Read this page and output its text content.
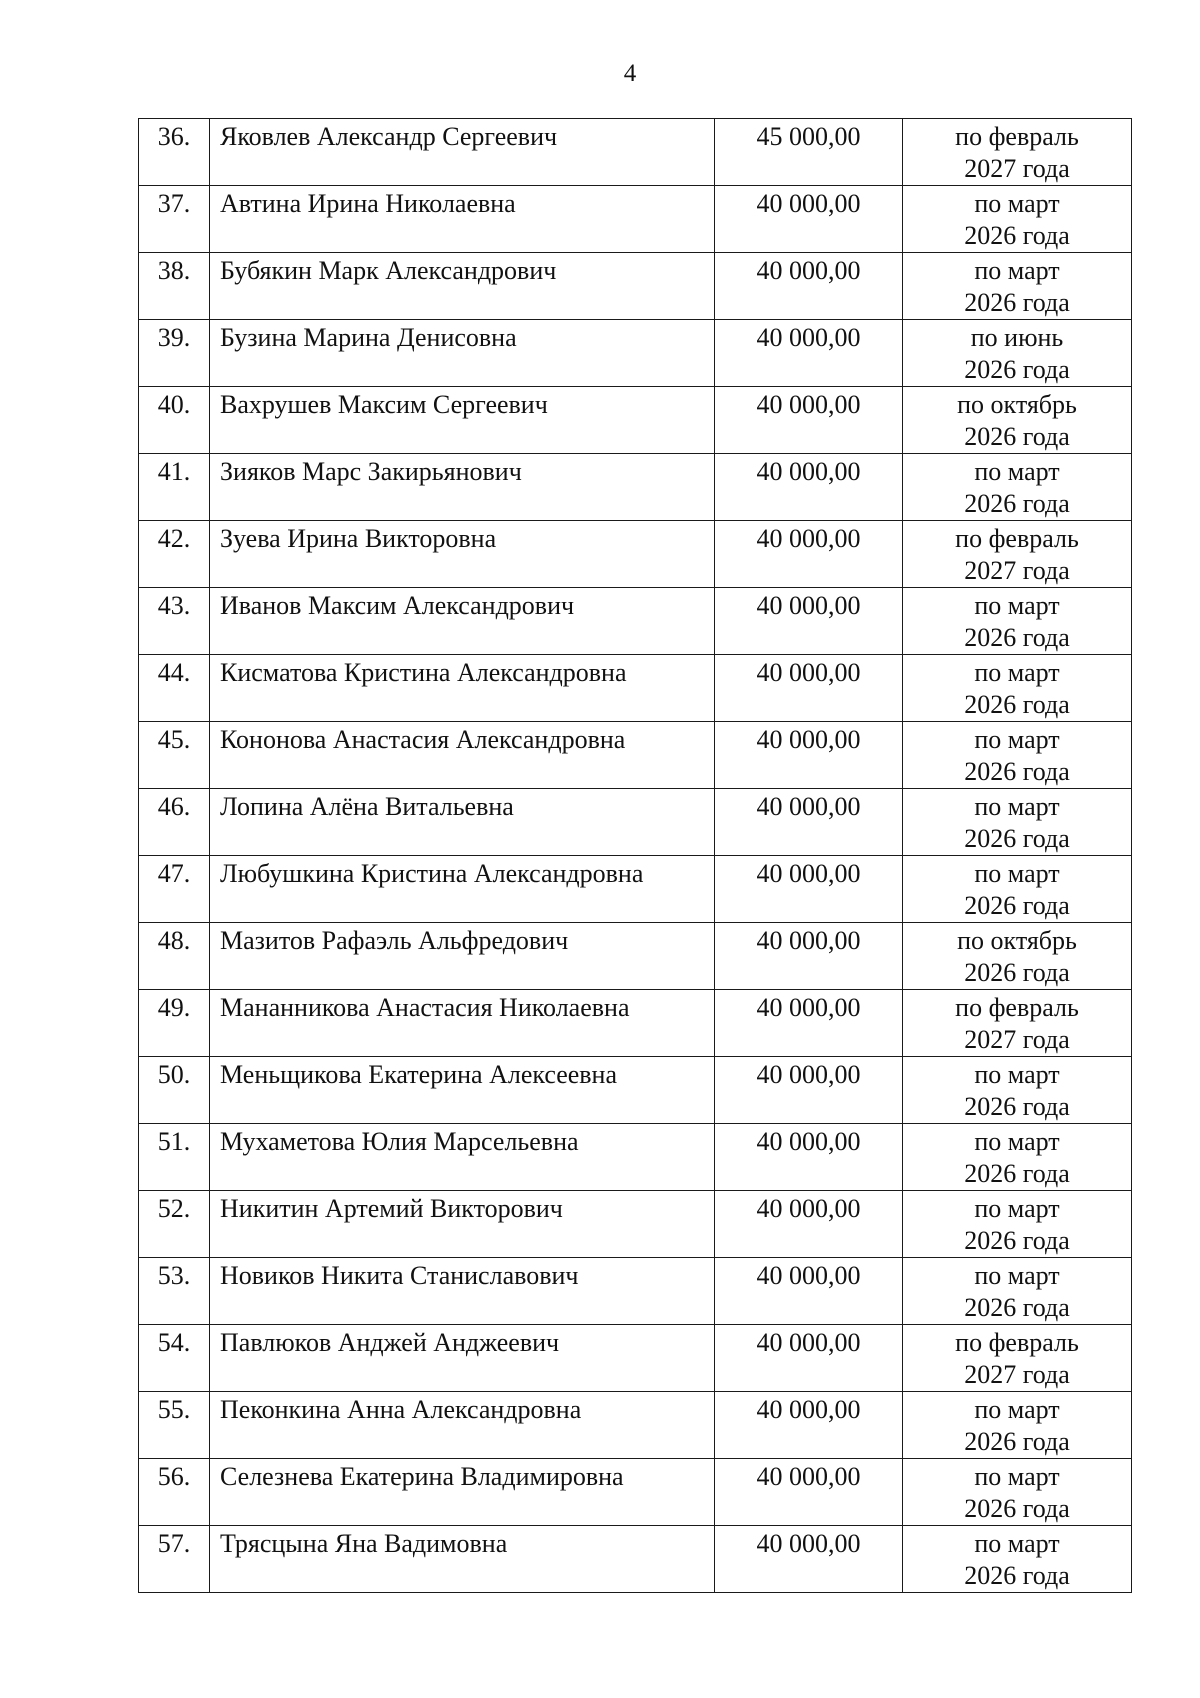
4
36.	Яковлев Александр Сергеевич	45 000,00	по февраль
2027 года

37.	Автина Ирина Николаевна	40 000,00	по март
2026 года

38.	Бубякин Марк Александрович	40 000,00	по март
2026 года

39.	Бузина Марина Денисовна	40 000,00	по июнь
2026 года

40.	Вахрушев Максим Сергеевич	40 000,00	по октябрь
2026 года

41.	Зияков Марс Закирьянович	40 000,00	по март
2026 года

42.	Зуева Ирина Викторовна	40 000,00	по февраль
2027 года

43.	Иванов Максим Александрович	40 000,00	по март
2026 года

44.	Кисматова Кристина Александровна	40 000,00	по март
2026 года

45.	Кононова Анастасия Александровна	40 000,00	по март
2026 года

46.	Лопина Алёна Витальевна	40 000,00	по март
2026 года

47.	Любушкина Кристина Александровна	40 000,00	по март
2026 года

48.	Мазитов Рафаэль Альфредович	40 000,00	по октябрь
2026 года

49.	Мананникова Анастасия Николаевна	40 000,00	по февраль
2027 года

50.	Меньщикова Екатерина Алексеевна	40 000,00	по март
2026 года

51.	Мухаметова Юлия Марсельевна	40 000,00	по март
2026 года

52.	Никитин Артемий Викторович	40 000,00	по март
2026 года

53.	Новиков Никита Станиславович	40 000,00	по март
2026 года

54.	Павлюков Анджей Анджеевич	40 000,00	по февраль
2027 года

55.	Пеконкина Анна Александровна	40 000,00	по март
2026 года

56.	Селезнева Екатерина Владимировна	40 000,00	по март
2026 года

57.	Трясцына Яна Вадимовна	40 000,00	по март
2026 года
